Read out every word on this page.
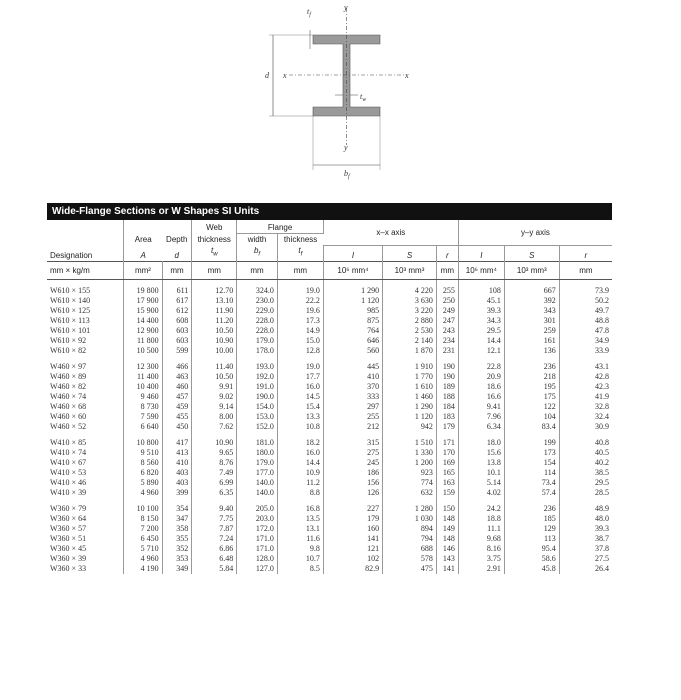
$t_f$
y
x	x
d
$t_w$
y
$b_f$
Wide-Flange Sections or W Shapes SI Units
Designation	Area	Depth	Web	Flange		x–x axis			y–y axis		
			thickness	width	thickness						
	A	d	$t_w$	$b_f$	$t_f$	I	S	r	I	S	r
mm × kg/m	mm²	mm	mm	mm	mm	10⁶ mm⁴	10³ mm³	mm	10⁶ mm⁴	10³ mm³	mm
W610 × 155	19 800	611	12.70	324.0	19.0	1 290	4 220	255	108	667	73.9
W610 × 140	17 900	617	13.10	230.0	22.2	1 120	3 630	250	45.1	392	50.2
W610 × 125	15 900	612	11.90	229.0	19.6	985	3 220	249	39.3	343	49.7
W610 × 113	14 400	608	11.20	228.0	17.3	875	2 880	247	34.3	301	48.8
W610 × 101	12 900	603	10.50	228.0	14.9	764	2 530	243	29.5	259	47.8
W610 × 92	11 800	603	10.90	179.0	15.0	646	2 140	234	14.4	161	34.9
W610 × 82	10 500	599	10.00	178.0	12.8	560	1 870	231	12.1	136	33.9

W460 × 97	12 300	466	11.40	193.0	19.0	445	1 910	190	22.8	236	43.1
W460 × 89	11 400	463	10.50	192.0	17.7	410	1 770	190	20.9	218	42.8
W460 × 82	10 400	460	9.91	191.0	16.0	370	1 610	189	18.6	195	42.3
W460 × 74	9 460	457	9.02	190.0	14.5	333	1 460	188	16.6	175	41.9
W460 × 68	8 730	459	9.14	154.0	15.4	297	1 290	184	9.41	122	32.8
W460 × 60	7 590	455	8.00	153.0	13.3	255	1 120	183	7.96	104	32.4
W460 × 52	6 640	450	7.62	152.0	10.8	212	942	179	6.34	83.4	30.9

W410 × 85	10 800	417	10.90	181.0	18.2	315	1 510	171	18.0	199	40.8
W410 × 74	9 510	413	9.65	180.0	16.0	275	1 330	170	15.6	173	40.5
W410 × 67	8 560	410	8.76	179.0	14.4	245	1 200	169	13.8	154	40.2
W410 × 53	6 820	403	7.49	177.0	10.9	186	923	165	10.1	114	38.5
W410 × 46	5 890	403	6.99	140.0	11.2	156	774	163	5.14	73.4	29.5
W410 × 39	4 960	399	6.35	140.0	8.8	126	632	159	4.02	57.4	28.5

W360 × 79	10 100	354	9.40	205.0	16.8	227	1 280	150	24.2	236	48.9
W360 × 64	8 150	347	7.75	203.0	13.5	179	1 030	148	18.8	185	48.0
W360 × 57	7 200	358	7.87	172.0	13.1	160	894	149	11.1	129	39.3
W360 × 51	6 450	355	7.24	171.0	11.6	141	794	148	9.68	113	38.7
W360 × 45	5 710	352	6.86	171.0	9.8	121	688	146	8.16	95.4	37.8
W360 × 39	4 960	353	6.48	128.0	10.7	102	578	143	3.75	58.6	27.5
W360 × 33	4 190	349	5.84	127.0	8.5	82.9	475	141	2.91	45.8	26.4
